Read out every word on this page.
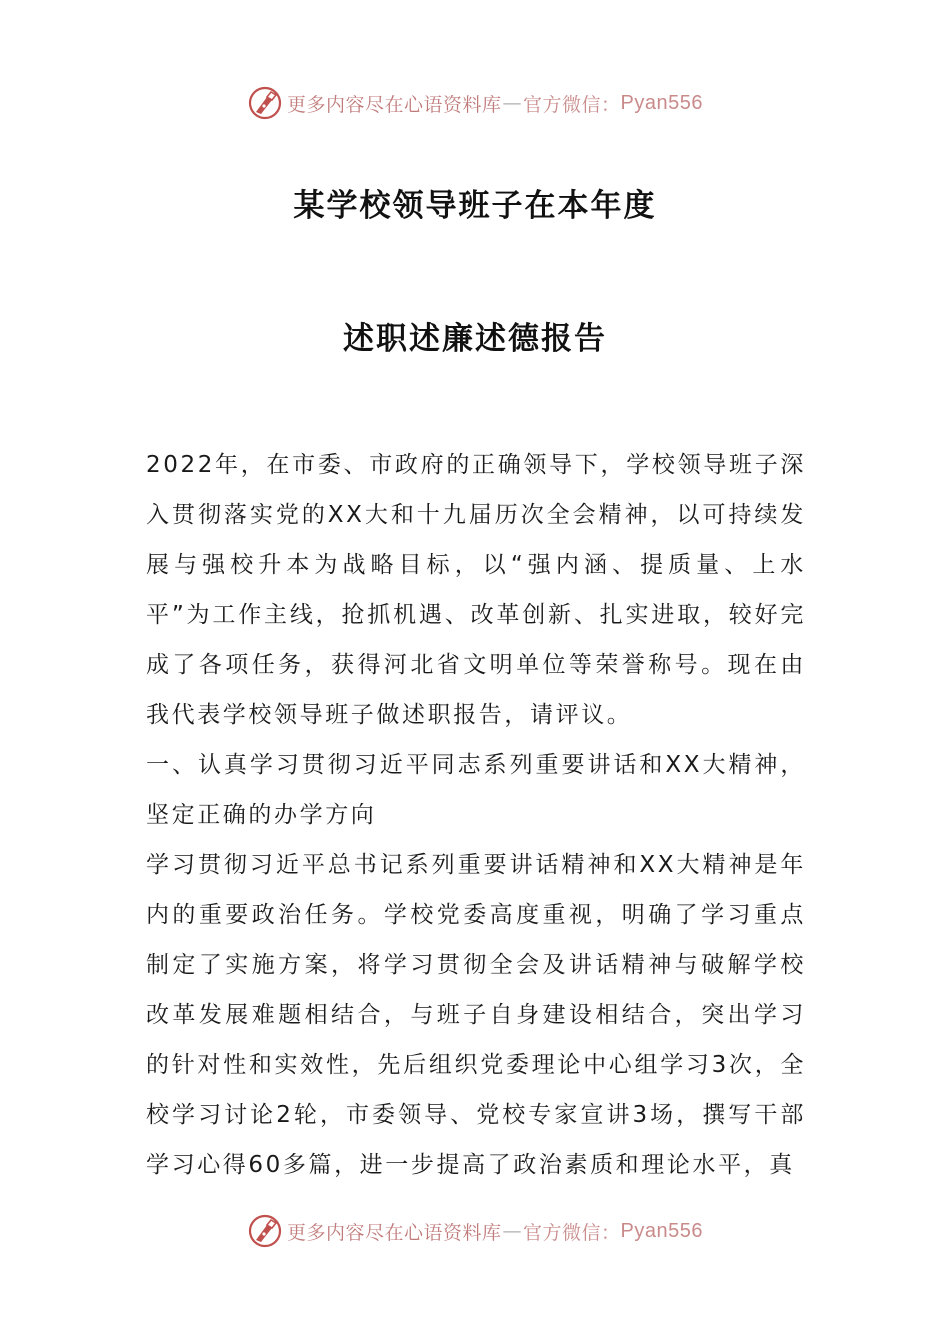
更多内容尽在心语资料库 — 官方微信： Pyan556
某学校领导班子在本年度
述职述廉述德报告

2022年，在市委、市政府的正确领导下，学校领导班子深入贯彻落实党的XX大和十九届历次全会精神，以可持续发展与强校升本为战略目标，以“强内涵、提质量、上水平”为工作主线，抢抓机遇、改革创新、扎实进取，较好完成了各项任务，获得河北省文明单位等荣誉称号。现在由我代表学校领导班子做述职报告，请评议。

一、认真学习贯彻习近平同志系列重要讲话和XX大精神，坚定正确的办学方向

学习贯彻习近平总书记系列重要讲话精神和XX大精神是年内的重要政治任务。学校党委高度重视，明确了学习重点制定了实施方案，将学习贯彻全会及讲话精神与破解学校改革发展难题相结合，与班子自身建设相结合，突出学习的针对性和实效性，先后组织党委理论中心组学习3次，全校学习讨论2轮，市委领导、党校专家宣讲3场，撰写干部学习心得60多篇，进一步提高了政治素质和理论水平，真

更多内容尽在心语资料库 — 官方微信： Pyan556
